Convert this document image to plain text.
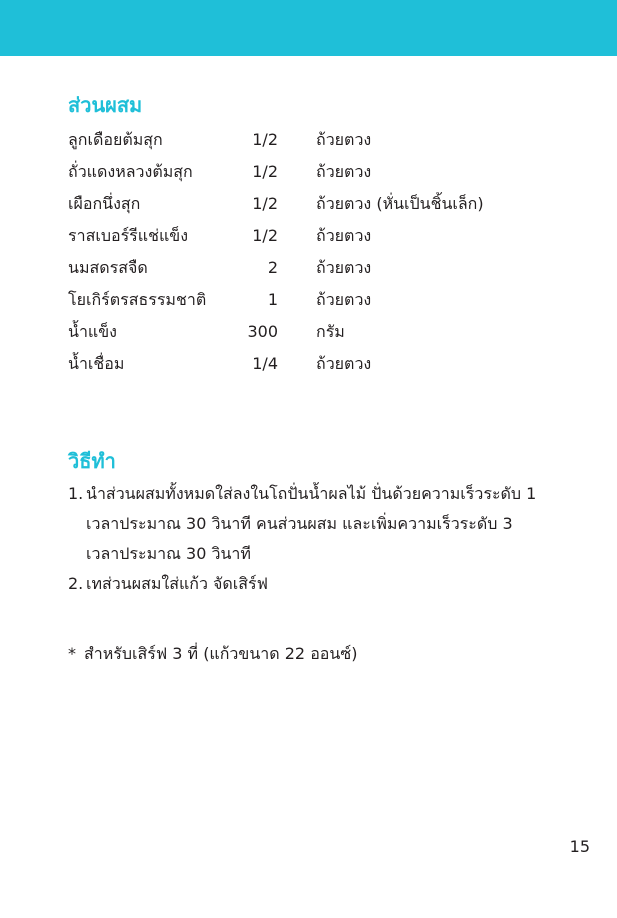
ส่วนผสม
ลูกเดือยต้มสุก	1/2 ถ้วยตวง
ถั่วแดงหลวงต้มสุก	1/2 ถ้วยตวง
เผือกนึ่งสุก	1/2 ถ้วยตวง (หั่นเป็นชิ้นเล็ก)
ราสเบอร์รีแช่แข็ง	1/2 ถ้วยตวง
นมสดรสจืด	2 ถ้วยตวง
โยเกิร์ตรสธรรมชาติ	1 ถ้วยตวง
น้ำแข็ง	300 กรัม
น้ำเชื่อม	1/4 ถ้วยตวง
วิธีทำ
1. นำส่วนผสมทั้งหมดใส่ลงในโถปั่นน้ำผลไม้ ปั่นด้วยความเร็วระดับ 1
เวลาประมาณ 30 วินาที คนส่วนผสม และเพิ่มความเร็วระดับ 3
เวลาประมาณ 30 วินาที
2. เทส่วนผสมใส่แก้ว จัดเสิร์ฟ
* สำหรับเสิร์ฟ 3 ที่ (แก้วขนาด 22 ออนซ์)
15
